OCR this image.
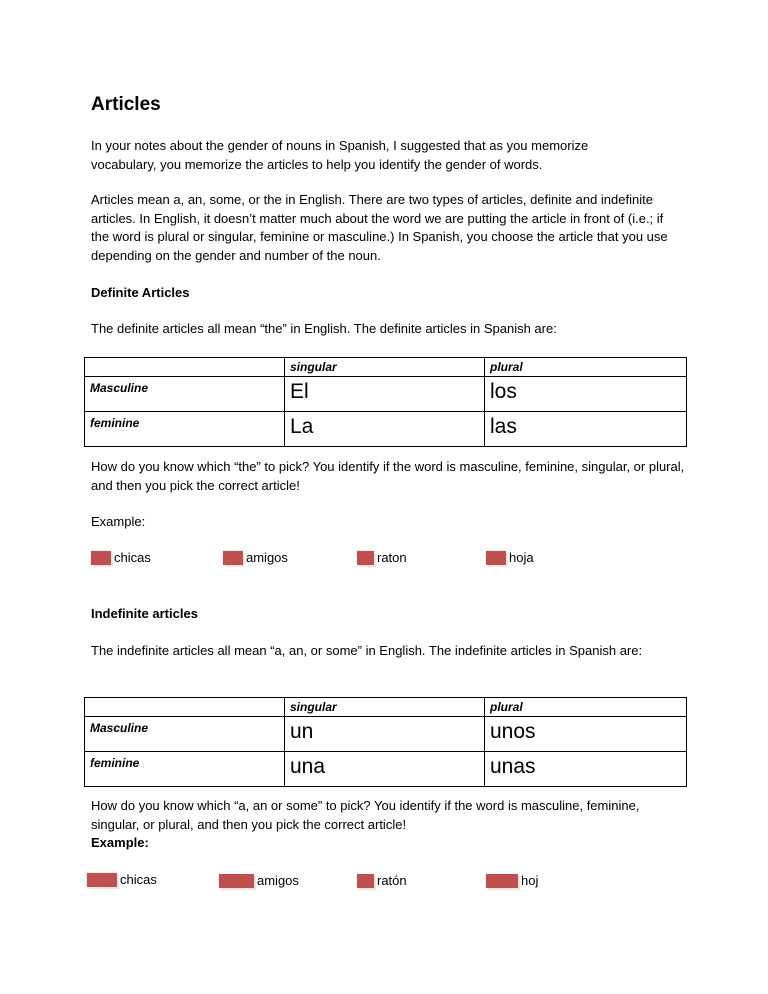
Articles

In your notes about the gender of nouns in Spanish, I suggested that as you memorize vocabulary, you memorize the articles to help you identify the gender of words.

Articles mean a, an, some, or the in English. There are two types of articles, definite and indefinite articles. In English, it doesn’t matter much about the word we are putting the article in front of (i.e.; if the word is plural or singular, feminine or masculine.) In Spanish, you choose the article that you use depending on the gender and number of the noun.

Definite Articles

The definite articles all mean “the” in English. The definite articles in Spanish are:

	singular	plural
Masculine	El	los
feminine	La	las

How do you know which “the” to pick? You identify if the word is masculine, feminine, singular, or plural, and then you pick the correct article!

Example:

chicas	amigos	raton	hoja

Indefinite articles

The indefinite articles all mean “a, an, or some” in English. The indefinite articles in Spanish are:

	singular	plural
Masculine	un	unos
feminine	una	unas

How do you know which “a, an or some” to pick? You identify if the word is masculine, feminine, singular, or plural, and then you pick the correct article!

Example:

chicas	amigos	ratón	hoj
